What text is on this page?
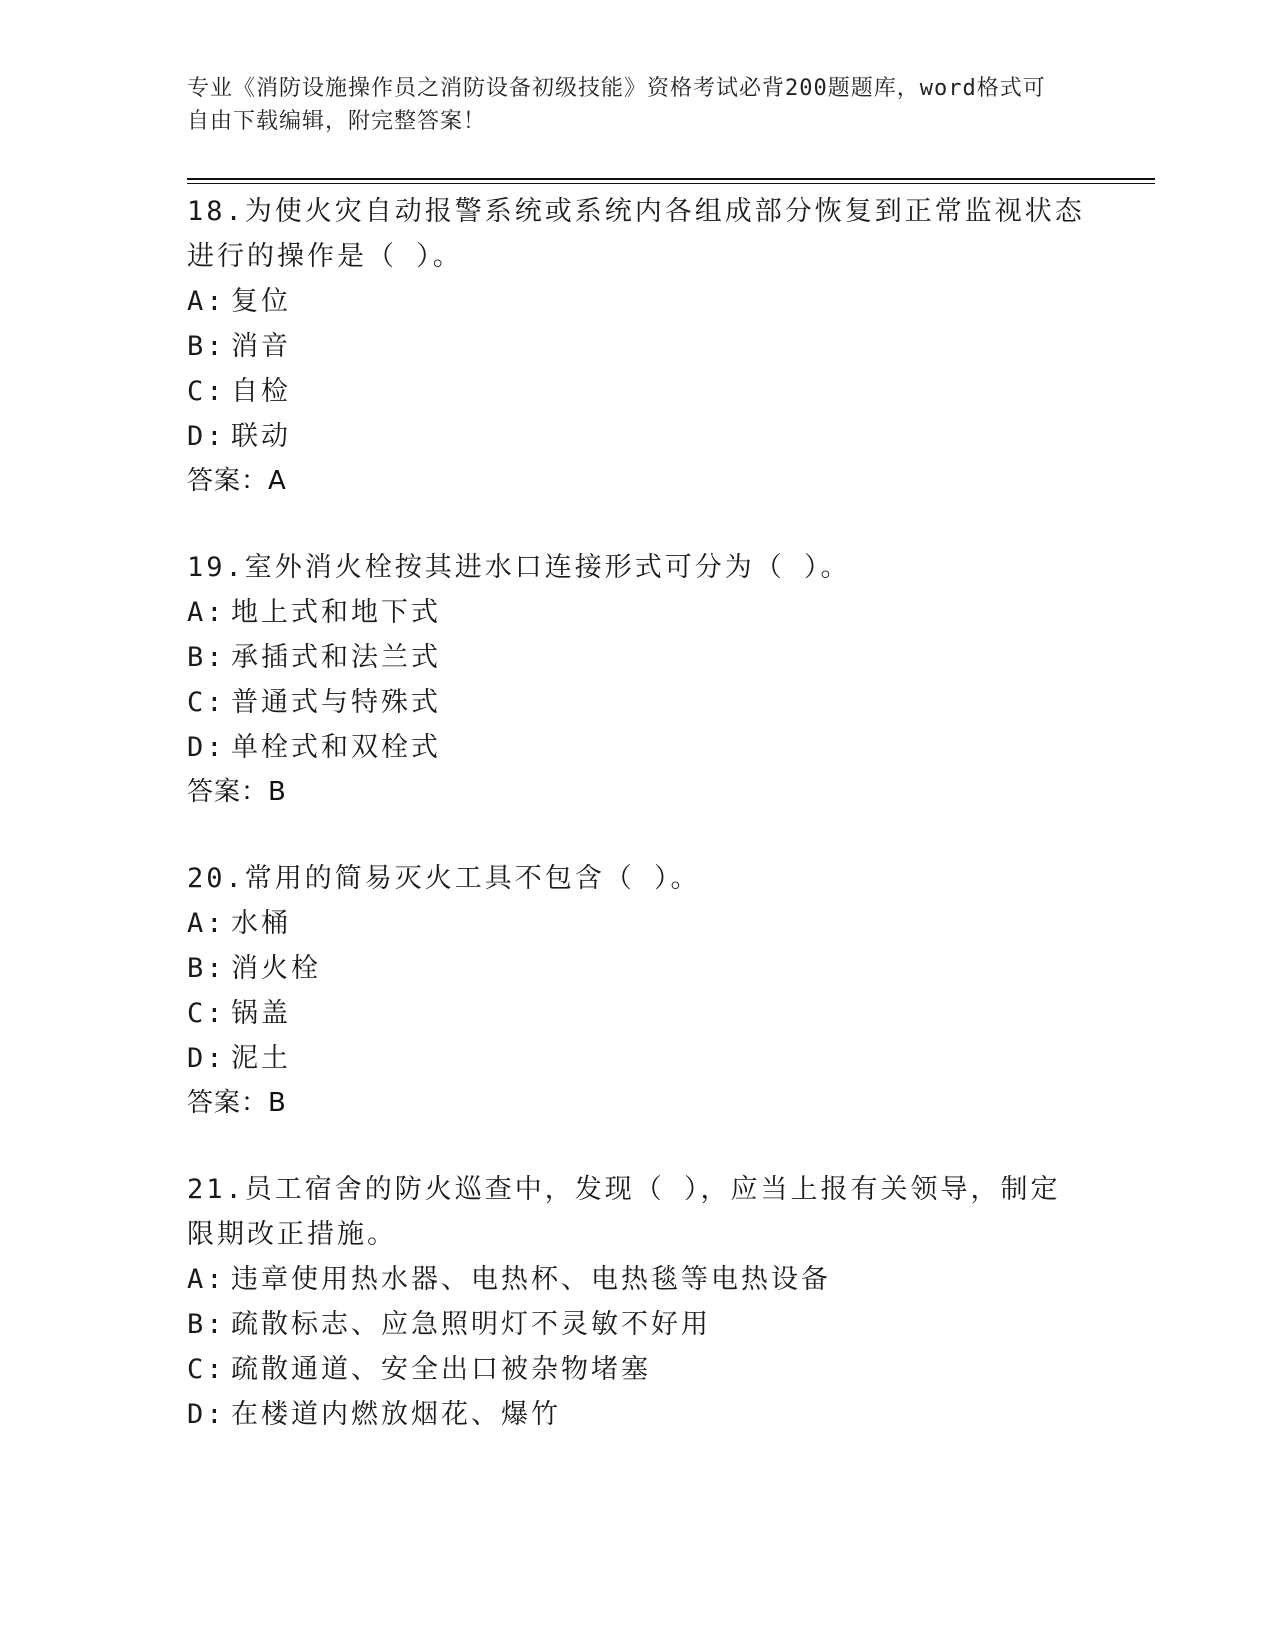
专业《消防设施操作员之消防设备初级技能》资格考试必背200题题库，word格式可自由下载编辑，附完整答案！
18.为使火灾自动报警系统或系统内各组成部分恢复到正常监视状态进行的操作是（ ）。
A: 复位
B: 消音
C: 自检
D: 联动
答案：A
19.室外消火栓按其进水口连接形式可分为（ ）。
A: 地上式和地下式
B: 承插式和法兰式
C: 普通式与特殊式
D: 单栓式和双栓式
答案：B
20.常用的简易灭火工具不包含（ ）。
A: 水桶
B: 消火栓
C: 锅盖
D: 泥土
答案：B
21.员工宿舍的防火巡查中，发现（ ），应当上报有关领导，制定限期改正措施。
A: 违章使用热水器、电热杯、电热毯等电热设备
B: 疏散标志、应急照明灯不灵敏不好用
C: 疏散通道、安全出口被杂物堵塞
D: 在楼道内燃放烟花、爆竹
